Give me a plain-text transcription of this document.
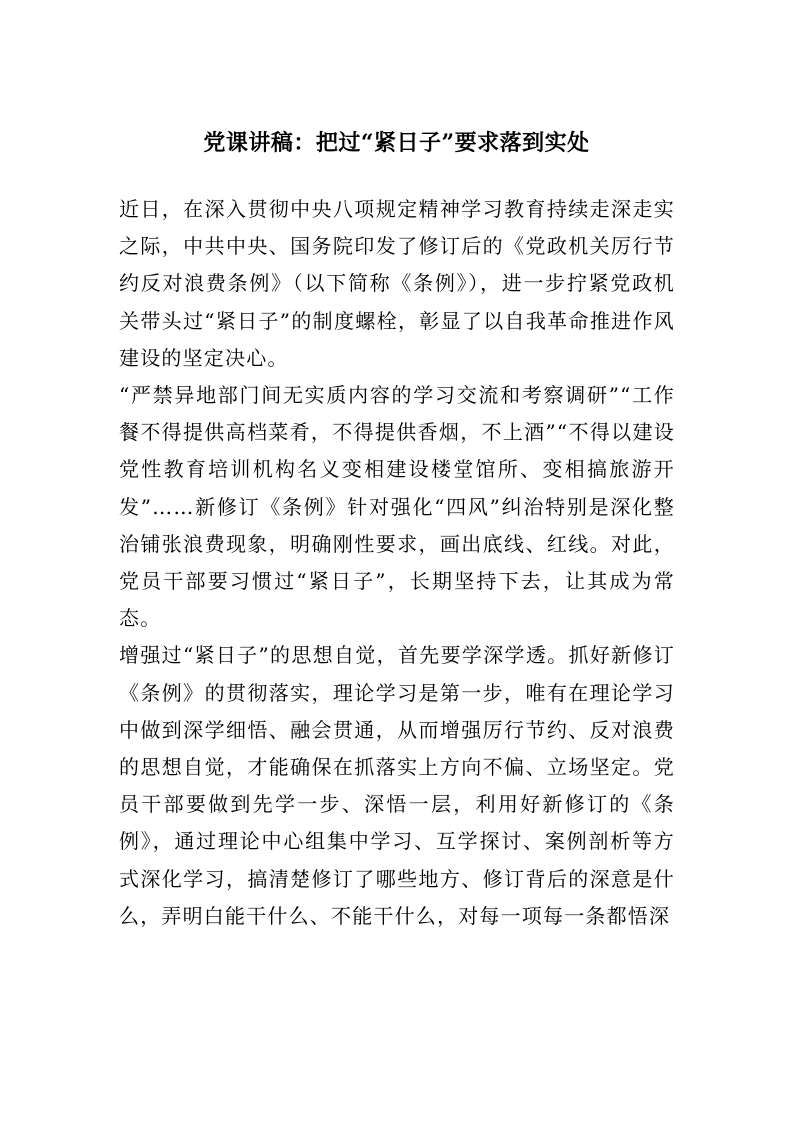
党课讲稿：把过“紧日子”要求落到实处

近日，在深入贯彻中央八项规定精神学习教育持续走深走实之际，中共中央、国务院印发了修订后的《党政机关厉行节约反对浪费条例》（以下简称《条例》），进一步拧紧党政机关带头过“紧日子”的制度螺栓，彰显了以自我革命推进作风建设的坚定决心。

“严禁异地部门间无实质内容的学习交流和考察调研”“工作餐不得提供高档菜肴，不得提供香烟，不上酒”“不得以建设党性教育培训机构名义变相建设楼堂馆所、变相搞旅游开发”……新修订《条例》针对强化“四风”纠治特别是深化整治铺张浪费现象，明确刚性要求，画出底线、红线。对此，党员干部要习惯过“紧日子”，长期坚持下去，让其成为常态。

增强过“紧日子”的思想自觉，首先要学深学透。抓好新修订《条例》的贯彻落实，理论学习是第一步，唯有在理论学习中做到深学细悟、融会贯通，从而增强厉行节约、反对浪费的思想自觉，才能确保在抓落实上方向不偏、立场坚定。党员干部要做到先学一步、深悟一层，利用好新修订的《条例》，通过理论中心组集中学习、互学探讨、案例剖析等方式深化学习，搞清楚修订了哪些地方、修订背后的深意是什么，弄明白能干什么、不能干什么，对每一项每一条都悟深
